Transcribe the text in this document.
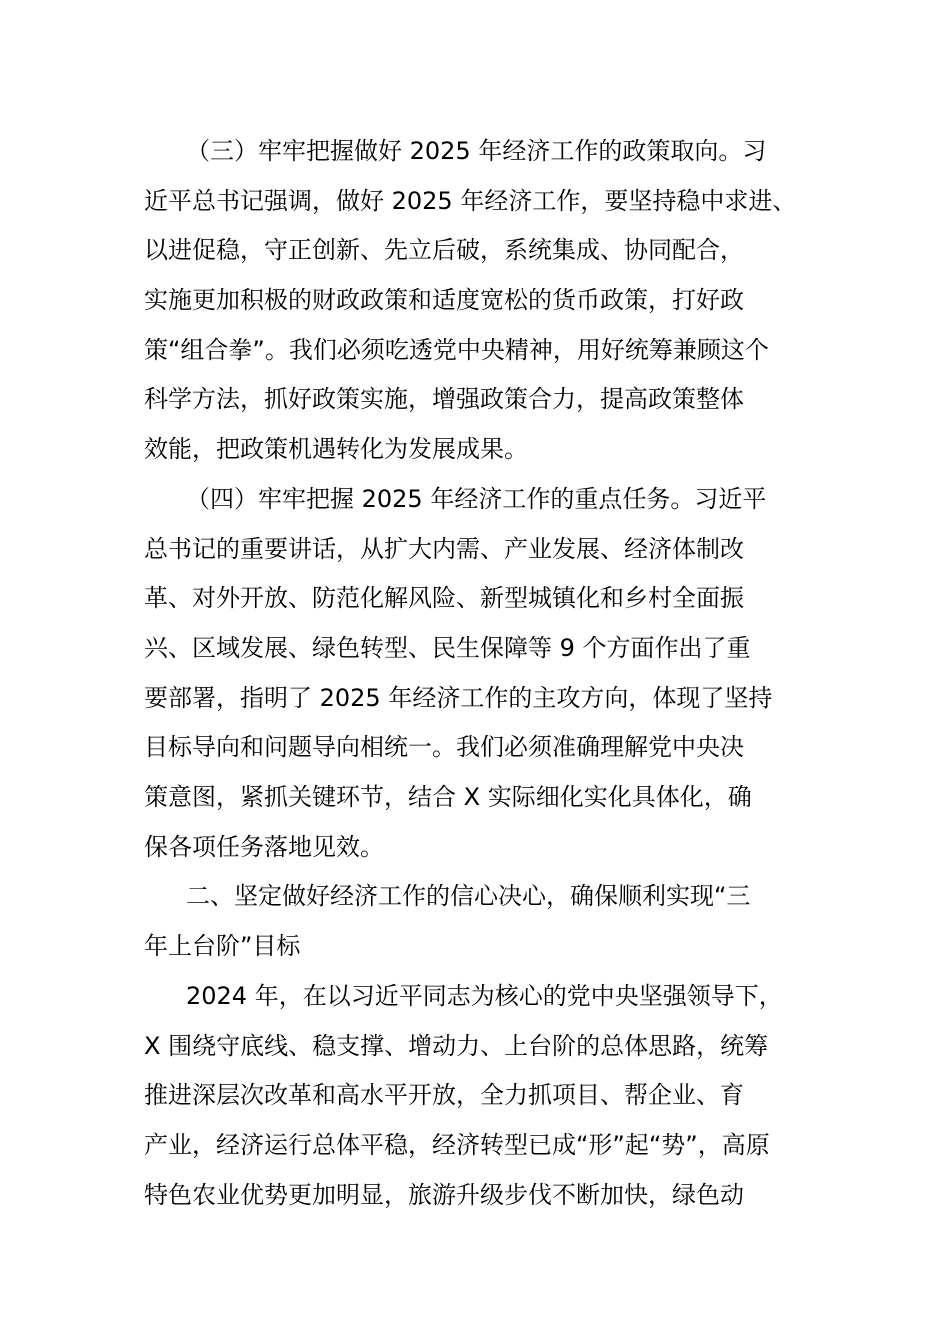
（三）牢牢把握做好 2025 年经济工作的政策取向。习
近平总书记强调，做好 2025 年经济工作，要坚持稳中求进、
以进促稳，守正创新、先立后破，系统集成、协同配合，
实施更加积极的财政政策和适度宽松的货币政策，打好政
策“组合拳”。我们必须吃透党中央精神，用好统筹兼顾这个
科学方法，抓好政策实施，增强政策合力，提高政策整体
效能，把政策机遇转化为发展成果。
（四）牢牢把握 2025 年经济工作的重点任务。习近平
总书记的重要讲话，从扩大内需、产业发展、经济体制改
革、对外开放、防范化解风险、新型城镇化和乡村全面振
兴、区域发展、绿色转型、民生保障等 9 个方面作出了重
要部署，指明了 2025 年经济工作的主攻方向，体现了坚持
目标导向和问题导向相统一。我们必须准确理解党中央决
策意图，紧抓关键环节，结合 X 实际细化实化具体化，确
保各项任务落地见效。
二、坚定做好经济工作的信心决心，确保顺利实现“三
年上台阶”目标
2024 年，在以习近平同志为核心的党中央坚强领导下，
X 围绕守底线、稳支撑、增动力、上台阶的总体思路，统筹
推进深层次改革和高水平开放，全力抓项目、帮企业、育
产业，经济运行总体平稳，经济转型已成“形”起“势”，高原
特色农业优势更加明显，旅游升级步伐不断加快，绿色动
